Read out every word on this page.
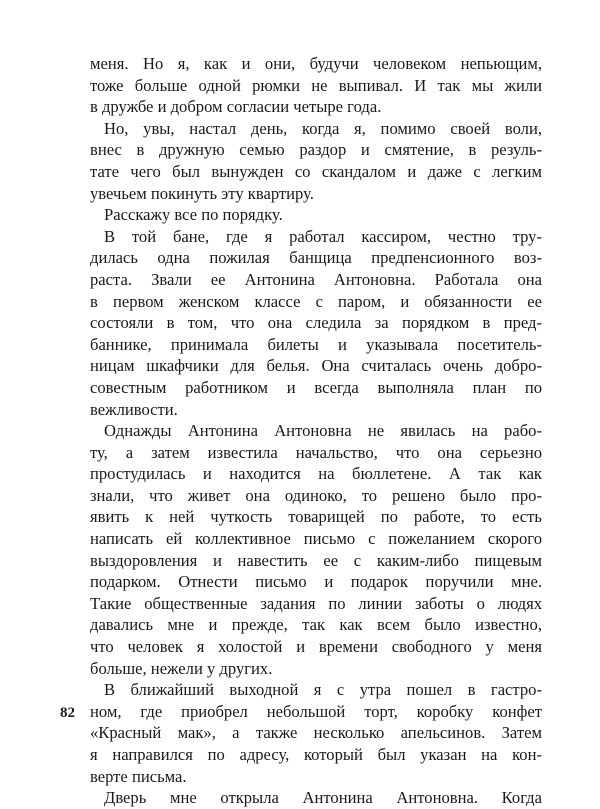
меня. Но я, как и они, будучи человеком непьющим,
тоже больше одной рюмки не выпивал. И так мы жили
в дружбе и добром согласии четыре года.
Но, увы, настал день, когда я, помимо своей воли,
внес в дружную семью раздор и смятение, в резуль-
тате чего был вынужден со скандалом и даже с легким
увечьем покинуть эту квартиру.
Расскажу все по порядку.
В той бане, где я работал кассиром, честно тру-
дилась одна пожилая банщица предпенсионного воз-
раста. Звали ее Антонина Антоновна. Работала она
в первом женском классе с паром, и обязанности ее
состояли в том, что она следила за порядком в пред-
баннике, принимала билеты и указывала посетитель-
ницам шкафчики для белья. Она считалась очень добро-
совестным работником и всегда выполняла план по
вежливости.
Однажды Антонина Антоновна не явилась на рабо-
ту, а затем известила начальство, что она серьезно
простудилась и находится на бюллетене. А так как
знали, что живет она одиноко, то решено было про-
явить к ней чуткость товарищей по работе, то есть
написать ей коллективное письмо с пожеланием скорого
выздоровления и навестить ее с каким-либо пищевым
подарком. Отнести письмо и подарок поручили мне.
Такие общественные задания по линии заботы о людях
давались мне и прежде, так как всем было известно,
что человек я холостой и времени свободного у меня
больше, нежели у других.
В ближайший выходной я с утра пошел в гастро-
ном, где приобрел небольшой торт, коробку конфет
«Красный мак», а также несколько апельсинов. Затем
я направился по адресу, который был указан на кон-
верте письма.
Дверь мне открыла Антонина Антоновна. Когда
82
